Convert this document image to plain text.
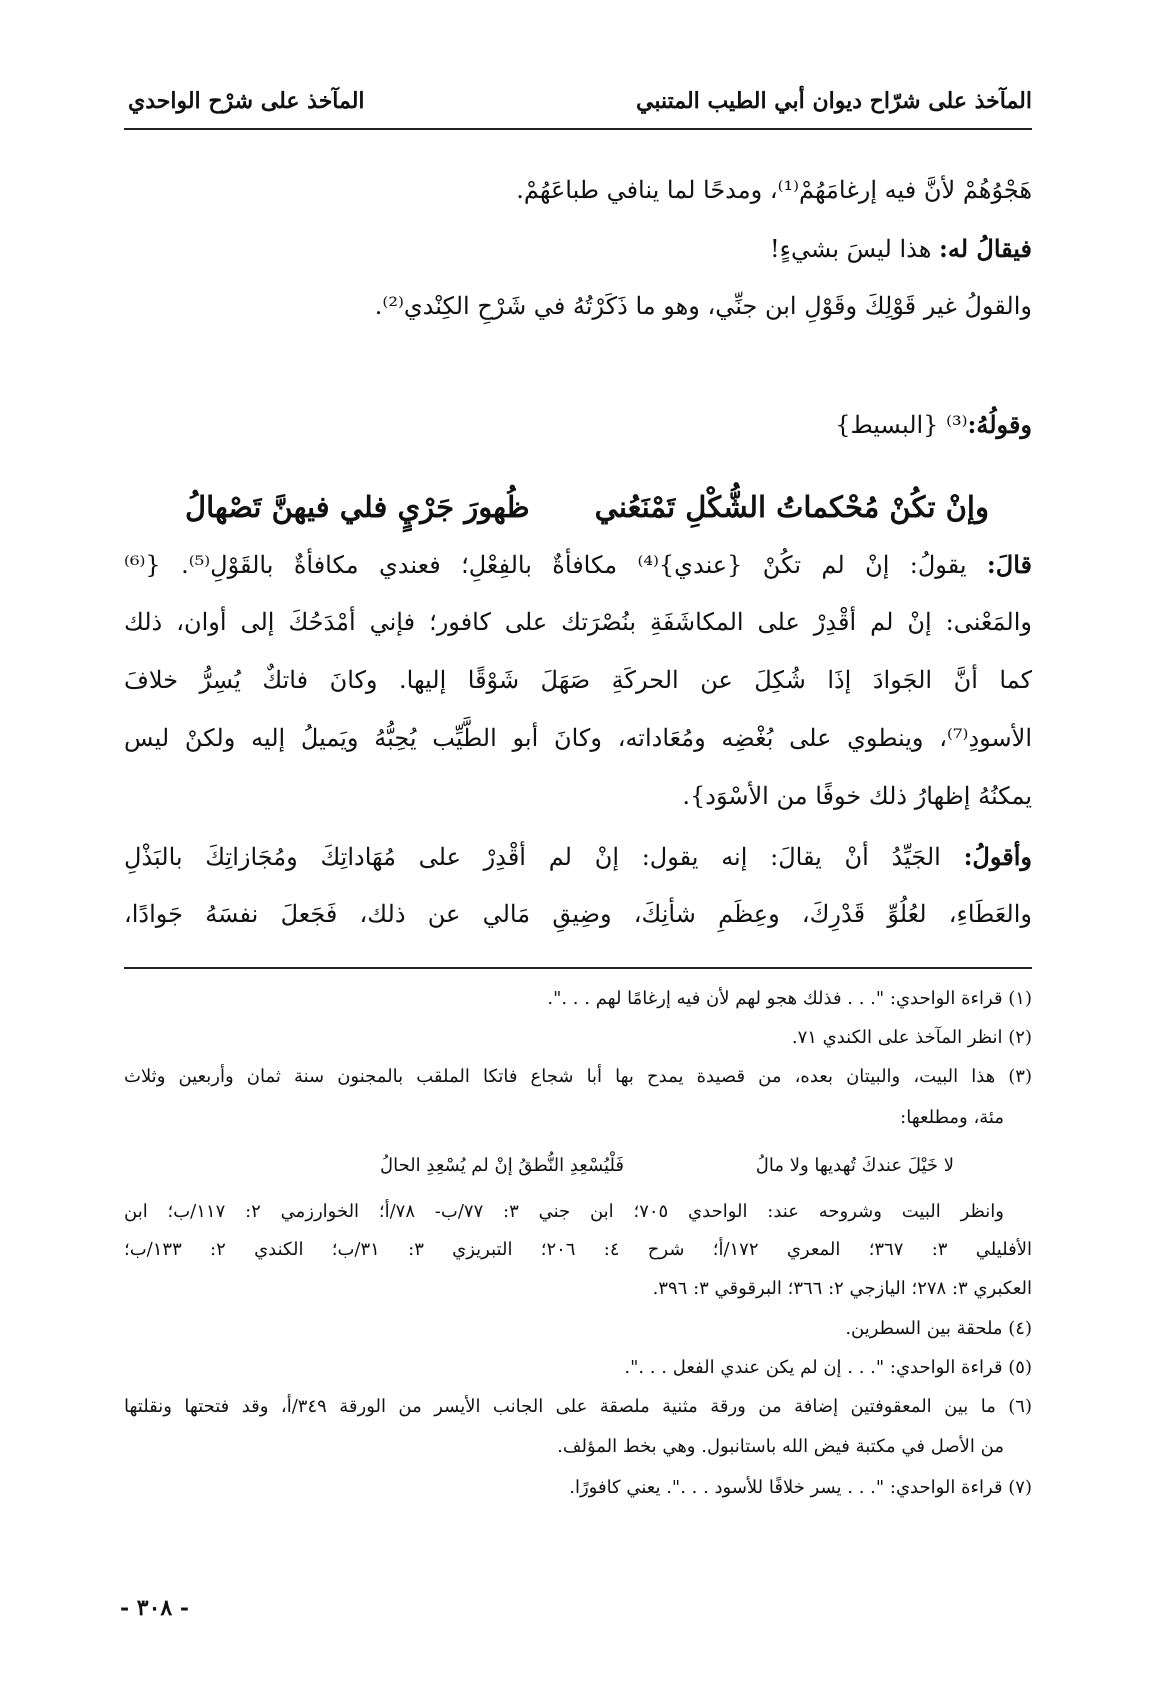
المآخذ على شرّاح ديوان أبي الطيب المتنبي
المآخذ على شرْح الواحدي
هَجْوُهُمْ لأنَّ فيه إرغامَهُمْ⁽¹⁾، ومدحًا لما ينافي طباعَهُمْ.
فيقالُ له: هذا ليسَ بشيءٍ!
والقولُ غير قَوْلِكَ وقَوْلِ ابن جنِّي، وهو ما ذَكَرْتُهُ في شَرْحِ الكِنْدي⁽²⁾.
وقولُهُ:⁽³⁾ {البسيط}
وإنْ تكُنْ مُحْكماتُ الشُّكْلِ تَمْنَعُني
ظُهورَ جَرْيٍ فلي فيهنَّ تَصْهالُ
قالَ: يقولُ: إنْ لم تكُنْ {عندي}⁽⁴⁾ مكافأةٌ بالفِعْلِ؛ فعندي مكافأةٌ بالقَوْلِ⁽⁵⁾. {⁽⁶⁾
والمَعْنى: إنْ لم أقْدِرْ على المكاشَفَةِ بنُصْرَتك على كافور؛ فإني أمْدَحُكَ إلى أوان، ذلك
كما أنَّ الجَوادَ إذَا شُكِلَ عن الحركَةِ صَهَلَ شَوْقًا إليها. وكانَ فاتكٌ يُسِرُّ خلافَ
الأسودِ⁽⁷⁾، وينطوي على بُغْضِه ومُعَاداته، وكانَ أبو الطَّيِّب يُحِبُّهُ ويَميلُ إليه ولكنْ ليس
يمكنُهُ إظهارُ ذلك خوفًا من الأسْوَد}.
وأقولُ: الجَيِّدُ أنْ يقالَ: إنه يقول: إنْ لم أقْدِرْ على مُهَاداتِكَ ومُجَازاتِكَ بالبَذْلِ
والعَطَاءِ، لعُلُوِّ قَدْرِكَ، وعِظَمِ شأنِكَ، وضِيقِ مَالي عن ذلك، فَجَعلَ نفسَهُ جَوادًا،
(١) قراءة الواحدي: ". . . فذلك هجو لهم لأن فيه إرغامًا لهم . . .".
(٢) انظر المآخذ على الكندي ٧١.
(٣) هذا البيت، والبيتان بعده، من قصيدة يمدح بها أبا شجاع فاتكا الملقب بالمجنون سنة ثمان وأربعين وثلاث
مئة، ومطلعها:
لا خَيْلَ عندكَ تُهديها ولا مالُ
فَلْيُسْعِدِ النُّطقُ إنْ لم يُسْعِدِ الحالُ
وانظر البيت وشروحه عند: الواحدي ٧٠٥؛ ابن جني ٣: ٧٧/ب- ٧٨/أ؛ الخوارزمي ٢: ١١٧/ب؛ ابن
الأفليلي ٣: ٣٦٧؛ المعري ١٧٢/أ؛ شرح ٤: ٢٠٦؛ التبريزي ٣: ٣١/ب؛ الكندي ٢: ١٣٣/ب؛
العكبري ٣: ٢٧٨؛ اليازجي ٢: ٣٦٦؛ البرقوقي ٣: ٣٩٦.
(٤) ملحقة بين السطرين.
(٥) قراءة الواحدي: ". . . إن لم يكن عندي الفعل . . .".
(٦) ما بين المعقوفتين إضافة من ورقة مثنية ملصقة على الجانب الأيسر من الورقة ٣٤٩/أ، وقد فتحتها ونقلتها
من الأصل في مكتبة فيض الله باستانبول. وهي بخط المؤلف.
(٧) قراءة الواحدي: ". . . يسر خلافًا للأسود . . .". يعني كافورًا.
- ٣٠٨ -
